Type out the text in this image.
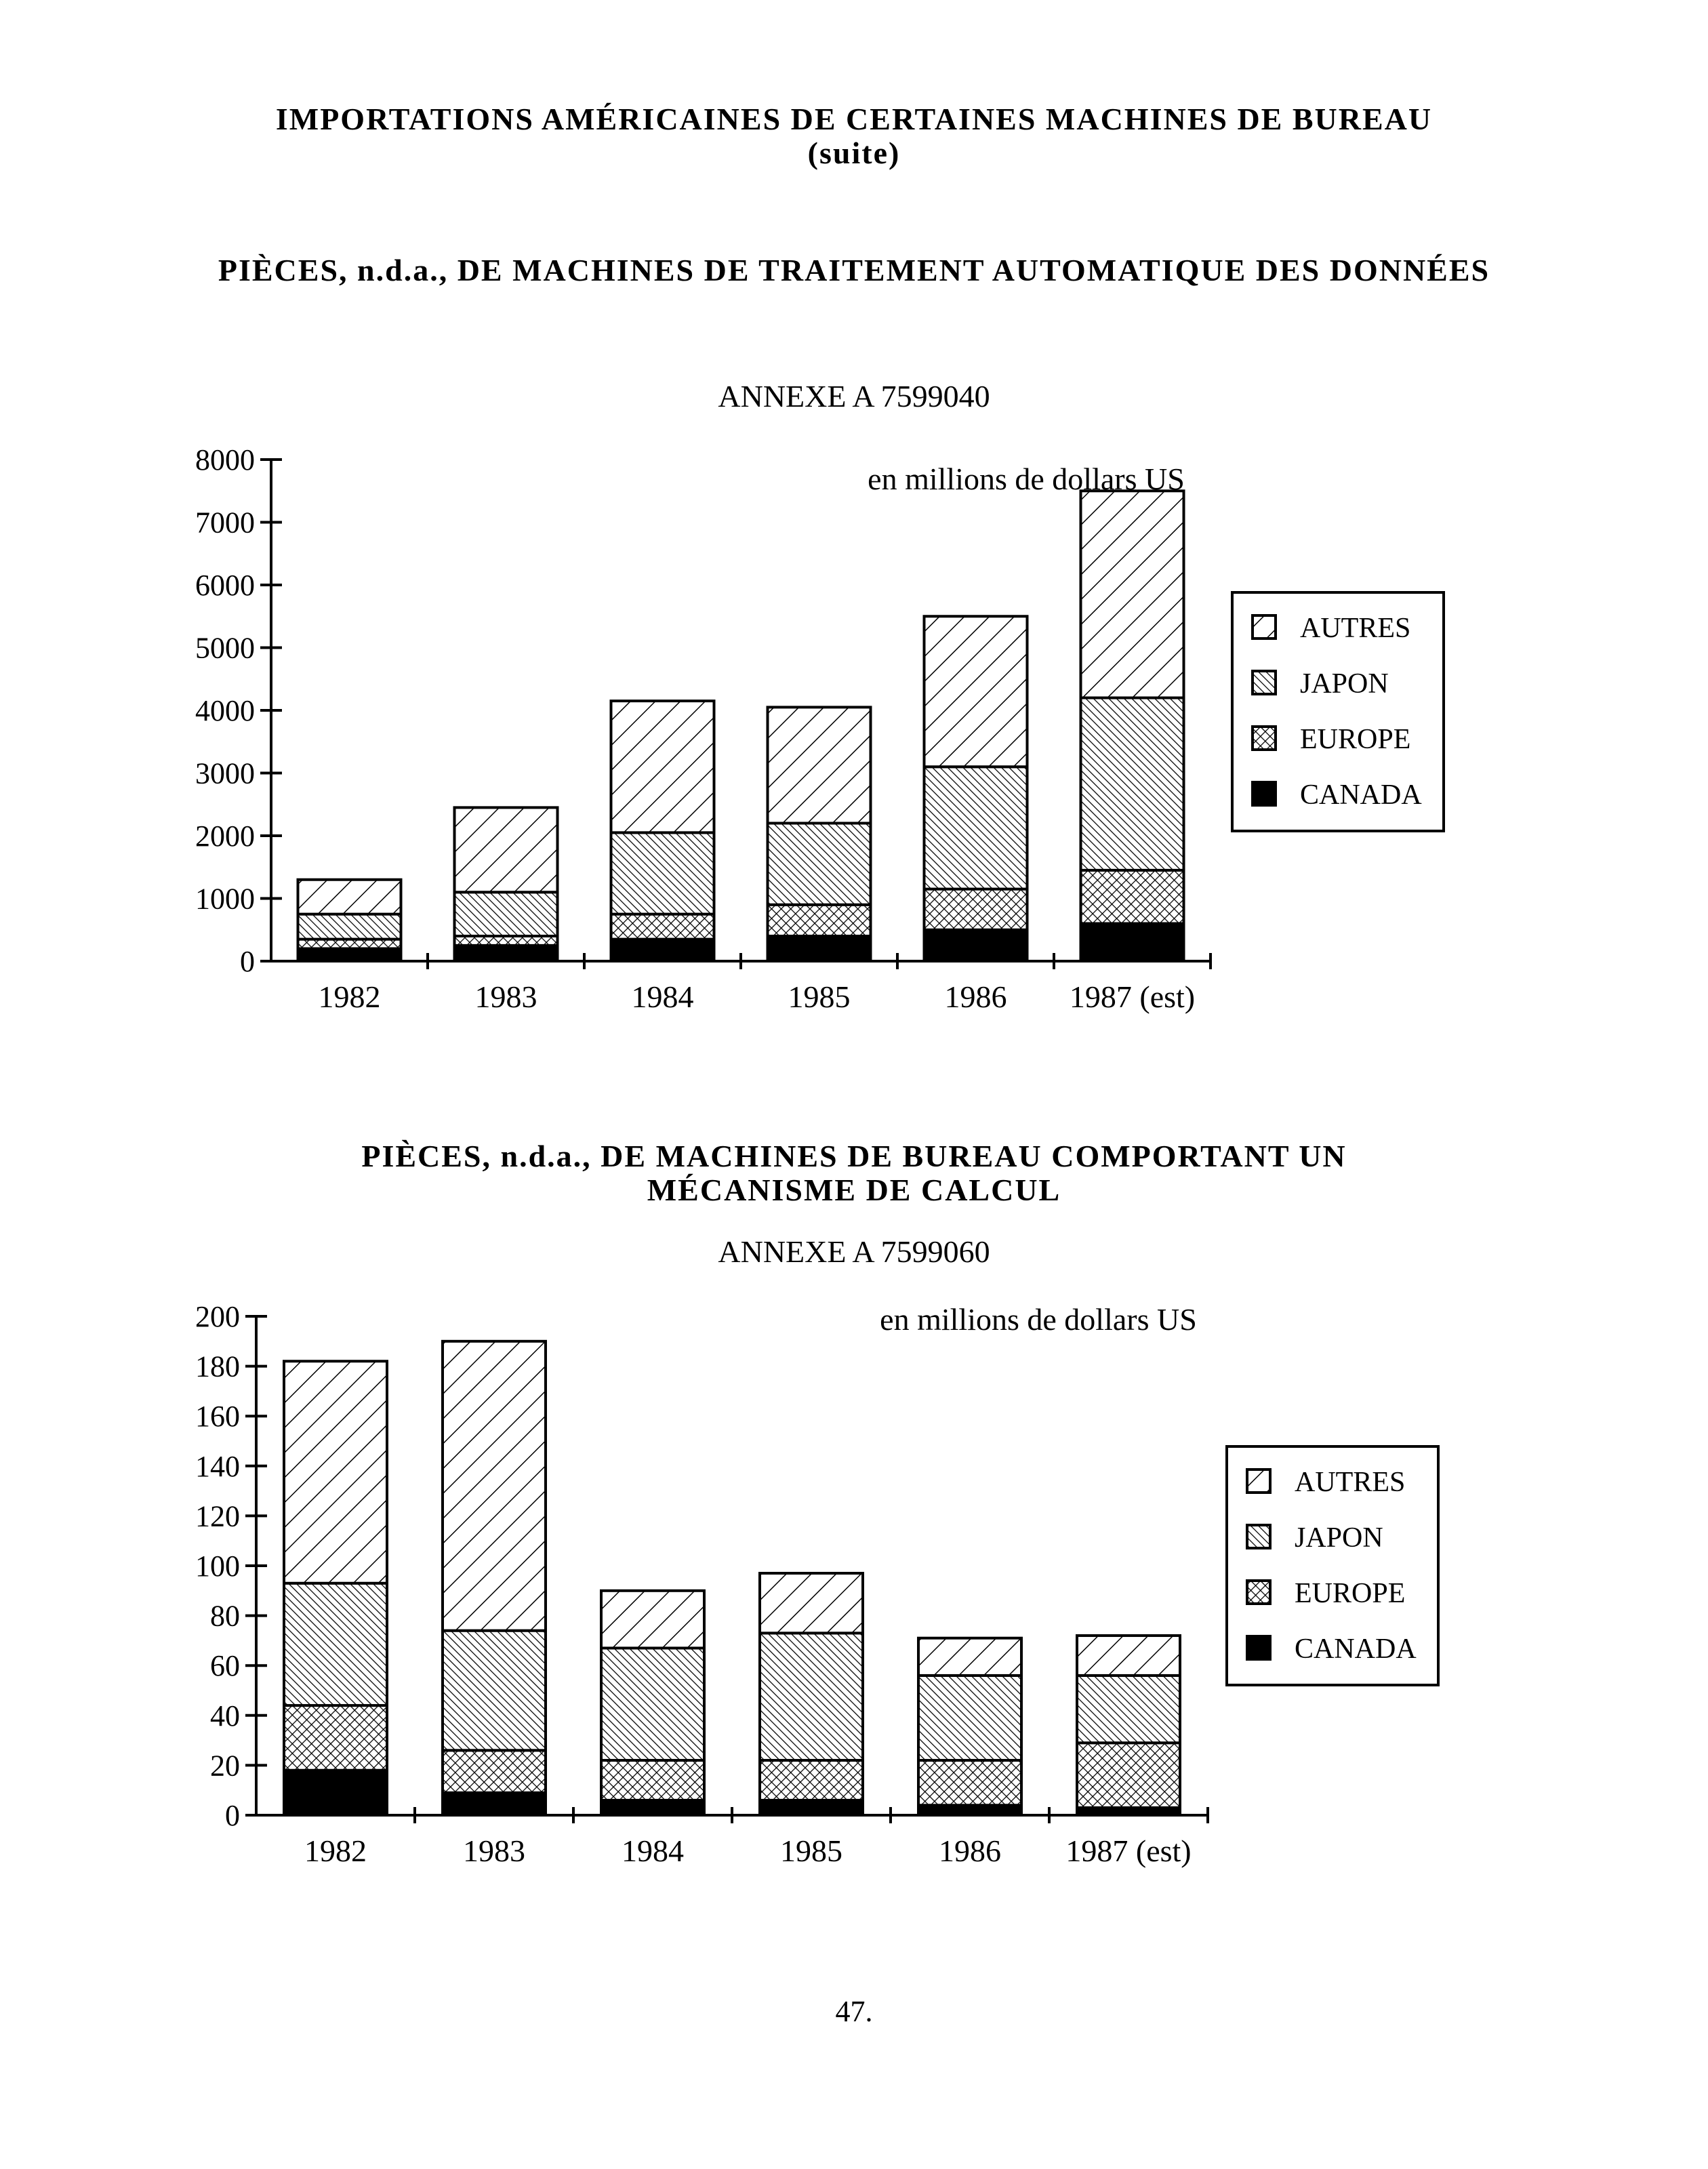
IMPORTATIONS AMÉRICAINES DE CERTAINES MACHINES DE BUREAU
(suite)
PIÈCES, n.d.a., DE MACHINES DE TRAITEMENT AUTOMATIQUE DES DONNÉES
ANNEXE A 7599040
0
1000
2000
3000
4000
5000
6000
7000
8000
1982	1983	1984	1985	1986 1987 (est)
en millions de dollars US
AUTRES
JAPON
EUROPE
CANADA
PIÈCES, n.d.a., DE MACHINES DE BUREAU COMPORTANT UN
MÉCANISME DE CALCUL
ANNEXE A 7599060
0
20
40
60
80
100
120
140
160
180
200
1982	1983	1984	1985	1986 1987 (est)
en millions de dollars US
AUTRES
JAPON
EUROPE
CANADA
47.
